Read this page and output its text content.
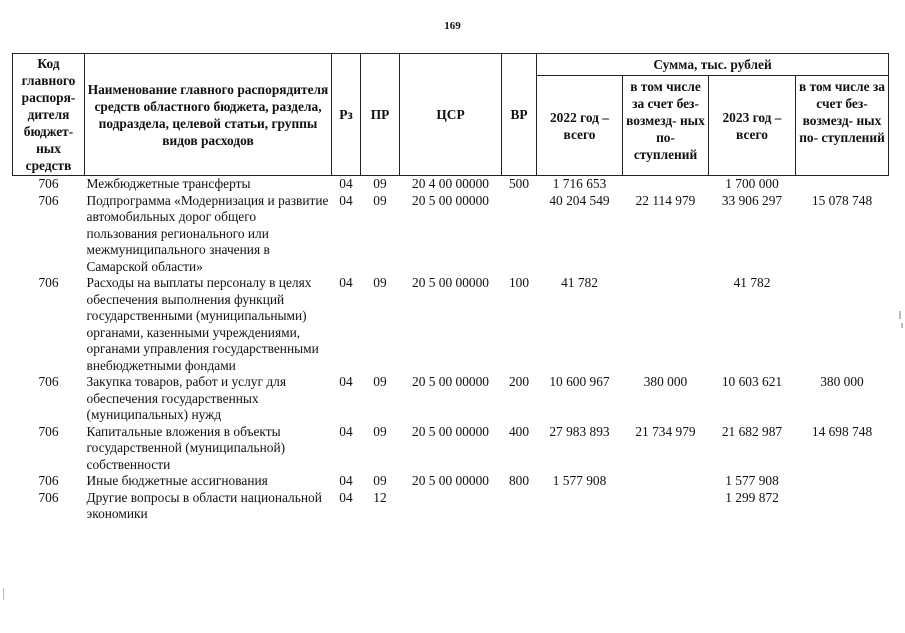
169
Код главного распоря- дителя бюджет- ных средств	Наименование главного распорядителя средств областного бюджета, раздела, подраздела, целевой статьи, группы видов расходов	Рз	ПР	ЦСР	ВР	Сумма, тыс. рублей			
						2022 год – всего	в том числе за счет без- возмезд- ных по- ступлений	2023 год – всего	в том числе за счет без- возмезд- ных по- ступлений
706	Межбюджетные трансферты	04	09	20 4 00 00000	500	1 716 653		1 700 000	
706	Подпрограмма «Модернизация и развитие автомобильных дорог общего пользования регионального или межмуниципального значения в Самарской области»	04	09	20 5 00 00000		40 204 549	22 114 979	33 906 297	15 078 748
706	Расходы на выплаты персоналу в целях обеспечения выполнения функций государственными (муниципальными) органами, казенными учреждениями, органами управления государственными внебюджетными фондами	04	09	20 5 00 00000	100	41 782		41 782	
706	Закупка товаров, работ и услуг для обеспечения государственных (муниципальных) нужд	04	09	20 5 00 00000	200	10 600 967	380 000	10 603 621	380 000
706	Капитальные вложения в объекты государственной (муниципальной) собственности	04	09	20 5 00 00000	400	27 983 893	21 734 979	21 682 987	14 698 748
706	Иные бюджетные ассигнования	04	09	20 5 00 00000	800	1 577 908		1 577 908	
706	Другие вопросы в области национальной экономики	04	12					1 299 872	
